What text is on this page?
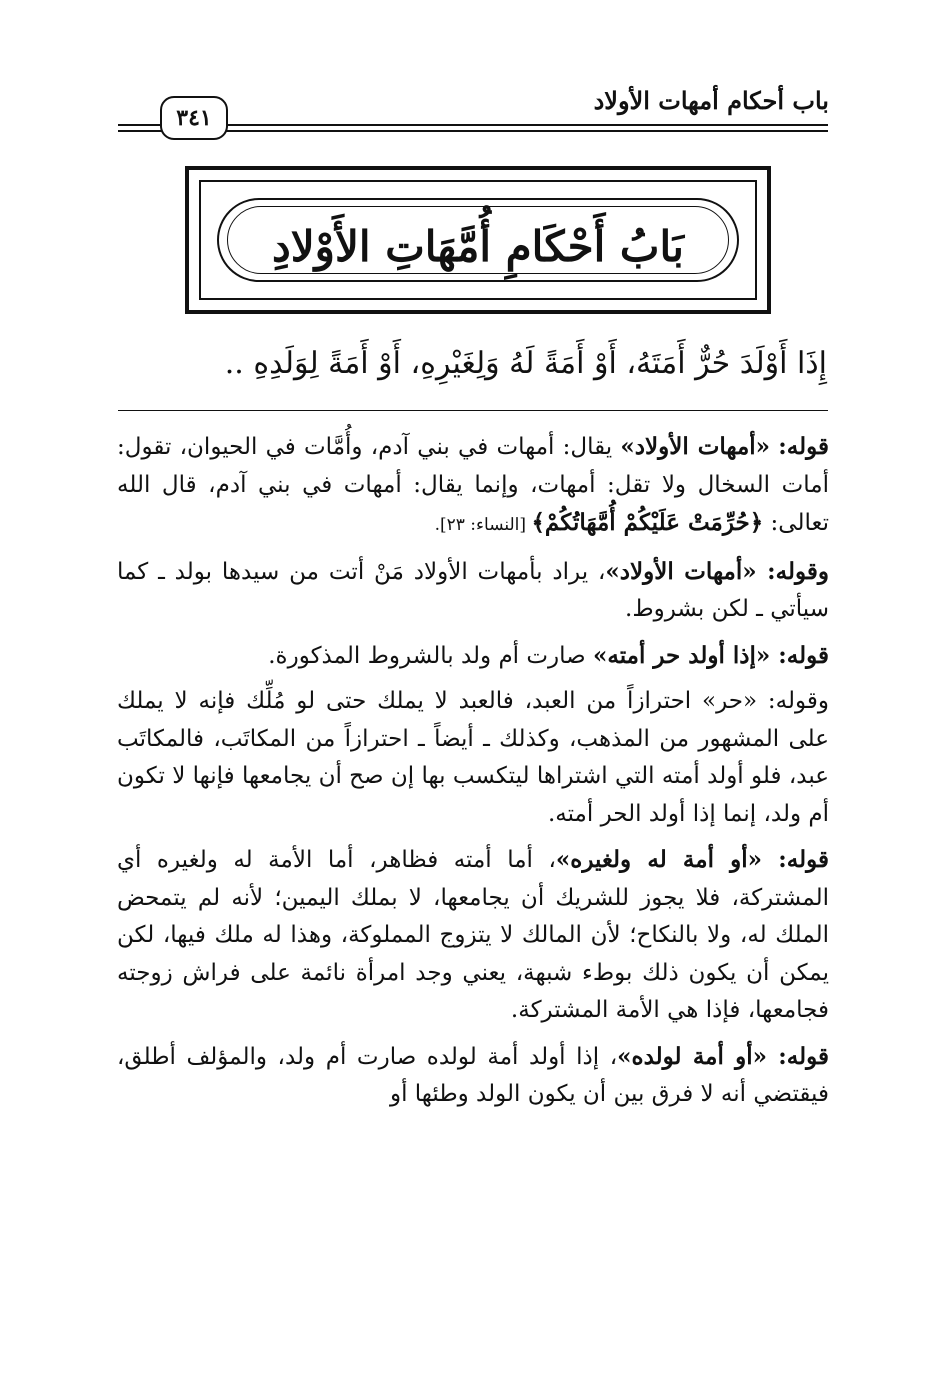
باب أحكام أمهات الأولاد
٣٤١
بَابُ أَحْكَامِ أُمَّهَاتِ الأَوْلادِ
إِذَا أَوْلَدَ حُرٌّ أَمَتَهُ، أَوْ أَمَةً لَهُ وَلِغَيْرِهِ، أَوْ أَمَةً لِوَلَدِهِ ..

قوله: «أمهات الأولاد» يقال: أمهات في بني آدم، وأُمَّات في الحيوان، تقول: أمات السخال ولا تقل: أمهات، وإنما يقال: أمهات في بني آدم، قال الله تعالى: ﴿حُرِّمَتْ عَلَيْكُمْ أُمَّهَاتُكُمْ﴾ [النساء: ٢٣].

وقوله: «أمهات الأولاد»، يراد بأمهات الأولاد مَنْ أتت من سيدها بولد ـ كما سيأتي ـ لكن بشروط.

قوله: «إذا أولد حر أمته» صارت أم ولد بالشروط المذكورة.

وقوله: «حر» احترازاً من العبد، فالعبد لا يملك حتى لو مُلِّك فإنه لا يملك على المشهور من المذهب، وكذلك ـ أيضاً ـ احترازاً من المكاتَب، فالمكاتَب عبد، فلو أولد أمته التي اشتراها ليتكسب بها إن صح أن يجامعها فإنها لا تكون أم ولد، إنما إذا أولد الحر أمته.

قوله: «أو أمة له ولغيره»، أما أمته فظاهر، أما الأمة له ولغيره أي المشتركة، فلا يجوز للشريك أن يجامعها، لا بملك اليمين؛ لأنه لم يتمحض الملك له، ولا بالنكاح؛ لأن المالك لا يتزوج المملوكة، وهذا له ملك فيها، لكن يمكن أن يكون ذلك بوطء شبهة، يعني وجد امرأة نائمة على فراش زوجته فجامعها، فإذا هي الأمة المشتركة.

قوله: «أو أمة لولده»، إذا أولد أمة لولده صارت أم ولد، والمؤلف أطلق، فيقتضي أنه لا فرق بين أن يكون الولد وطئها أو
